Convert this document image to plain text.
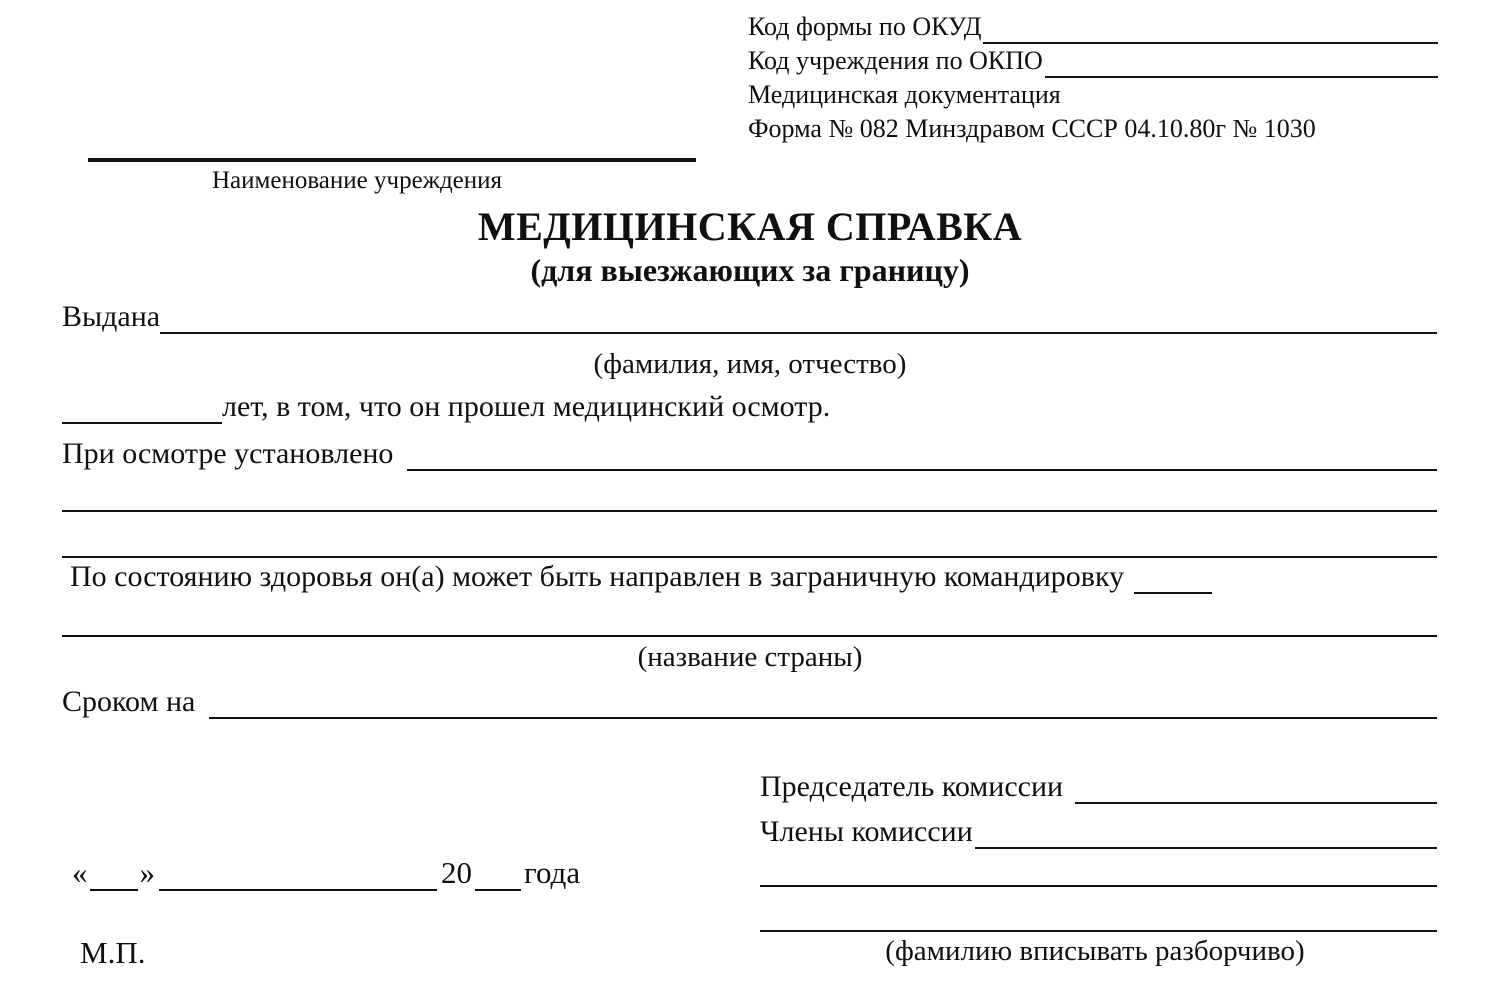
Код формы по ОКУД
Код учреждения по ОКПО
Медицинская документация
Форма № 082 Минздравом СССР 04.10.80г № 1030
Наименование учреждения
МЕДИЦИНСКАЯ СПРАВКА
(для выезжающих за границу)
Выдана
(фамилия, имя, отчество)
лет, в том, что он прошел медицинский осмотр.
При осмотре установлено
По состоянию здоровья он(а) может быть направлен в заграничную командировку
(название страны)
Сроком на
Председатель комиссии
Члены комиссии
(фамилию вписывать разборчиво)
« »	20 года
М.П.
